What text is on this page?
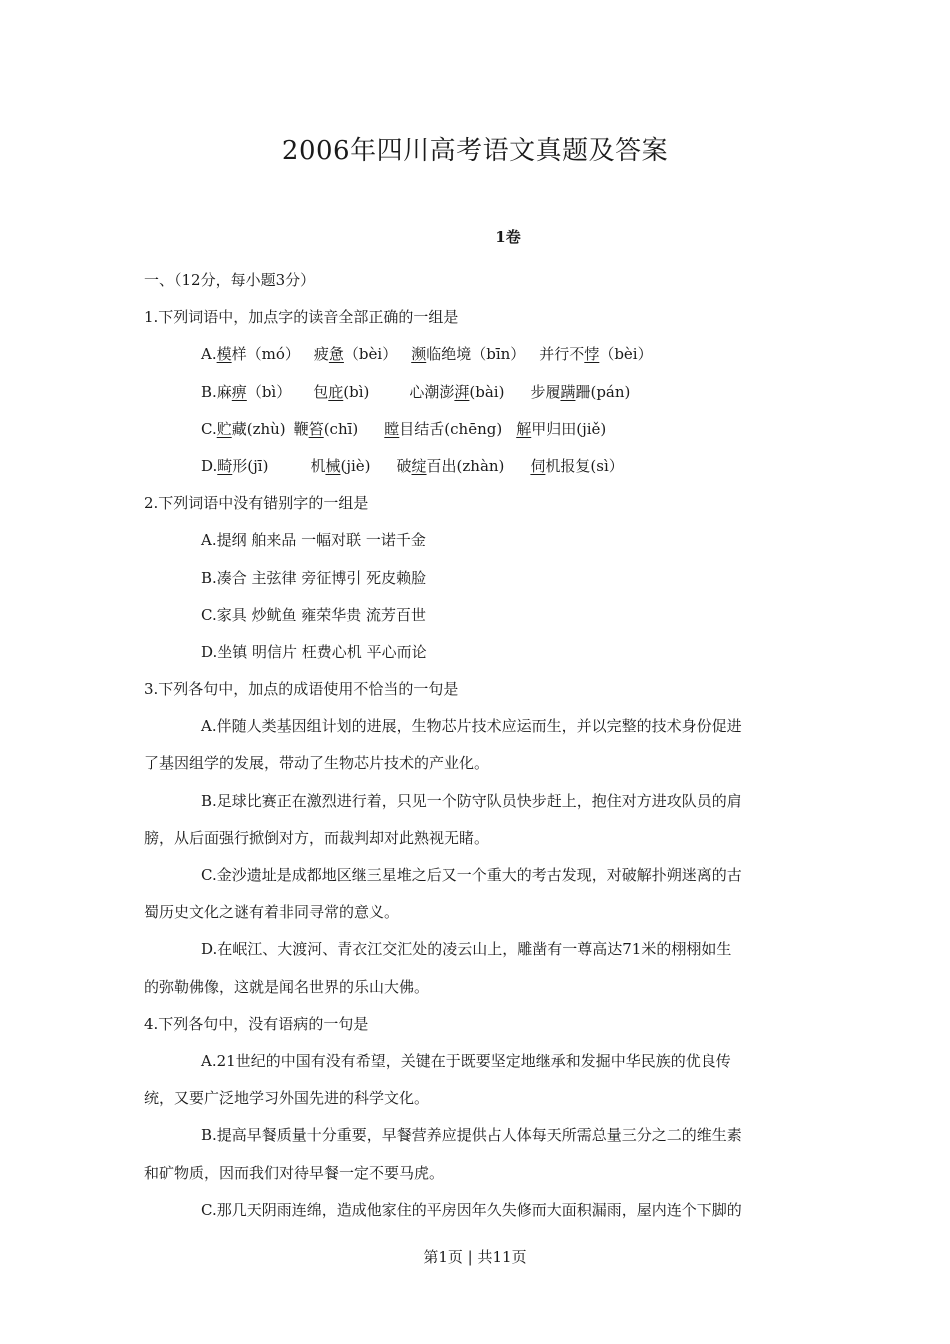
2006年四川高考语文真题及答案
1卷
一、（12分，每小题3分）
1.下列词语中，加点字的读音全部正确的一组是
A.模样（mó） 疲惫（bèi） 濒临绝境（bīn） 并行不悖（bèi）
B.麻痹（bì） 包庇(bì)	心潮澎湃(bài) 步履蹒跚(pán)
C.贮藏(zhù) 鞭笞(chī) 瞠目结舌(chēng) 解甲归田(jiě)
D.畸形(jī)	机械(jiè) 破绽百出(zhàn) 伺机报复(sì）
2.下列词语中没有错别字的一组是
A.提纲 舶来品 一幅对联 一诺千金
B.凑合 主弦律 旁征博引 死皮赖脸
C.家具 炒鱿鱼 雍荣华贵 流芳百世
D.坐镇 明信片 枉费心机 平心而论
3.下列各句中，加点的成语使用不恰当的一句是
A.伴随人类基因组计划的进展，生物芯片技术应运而生，并以完整的技术身份促进
了基因组学的发展，带动了生物芯片技术的产业化。
B.足球比赛正在激烈进行着，只见一个防守队员快步赶上，抱住对方进攻队员的肩
膀，从后面强行掀倒对方，而裁判却对此熟视无睹。
C.金沙遗址是成都地区继三星堆之后又一个重大的考古发现，对破解扑朔迷离的古
蜀历史文化之谜有着非同寻常的意义。
D.在岷江、大渡河、青衣江交汇处的凌云山上，雕凿有一尊高达71米的栩栩如生
的弥勒佛像，这就是闻名世界的乐山大佛。
4.下列各句中，没有语病的一句是
A.21世纪的中国有没有希望，关键在于既要坚定地继承和发掘中华民族的优良传
统，又要广泛地学习外国先进的科学文化。
B.提高早餐质量十分重要，早餐营养应提供占人体每天所需总量三分之二的维生素
和矿物质，因而我们对待早餐一定不要马虎。
C.那几天阴雨连绵，造成他家住的平房因年久失修而大面积漏雨，屋内连个下脚的
第1页 | 共11页
